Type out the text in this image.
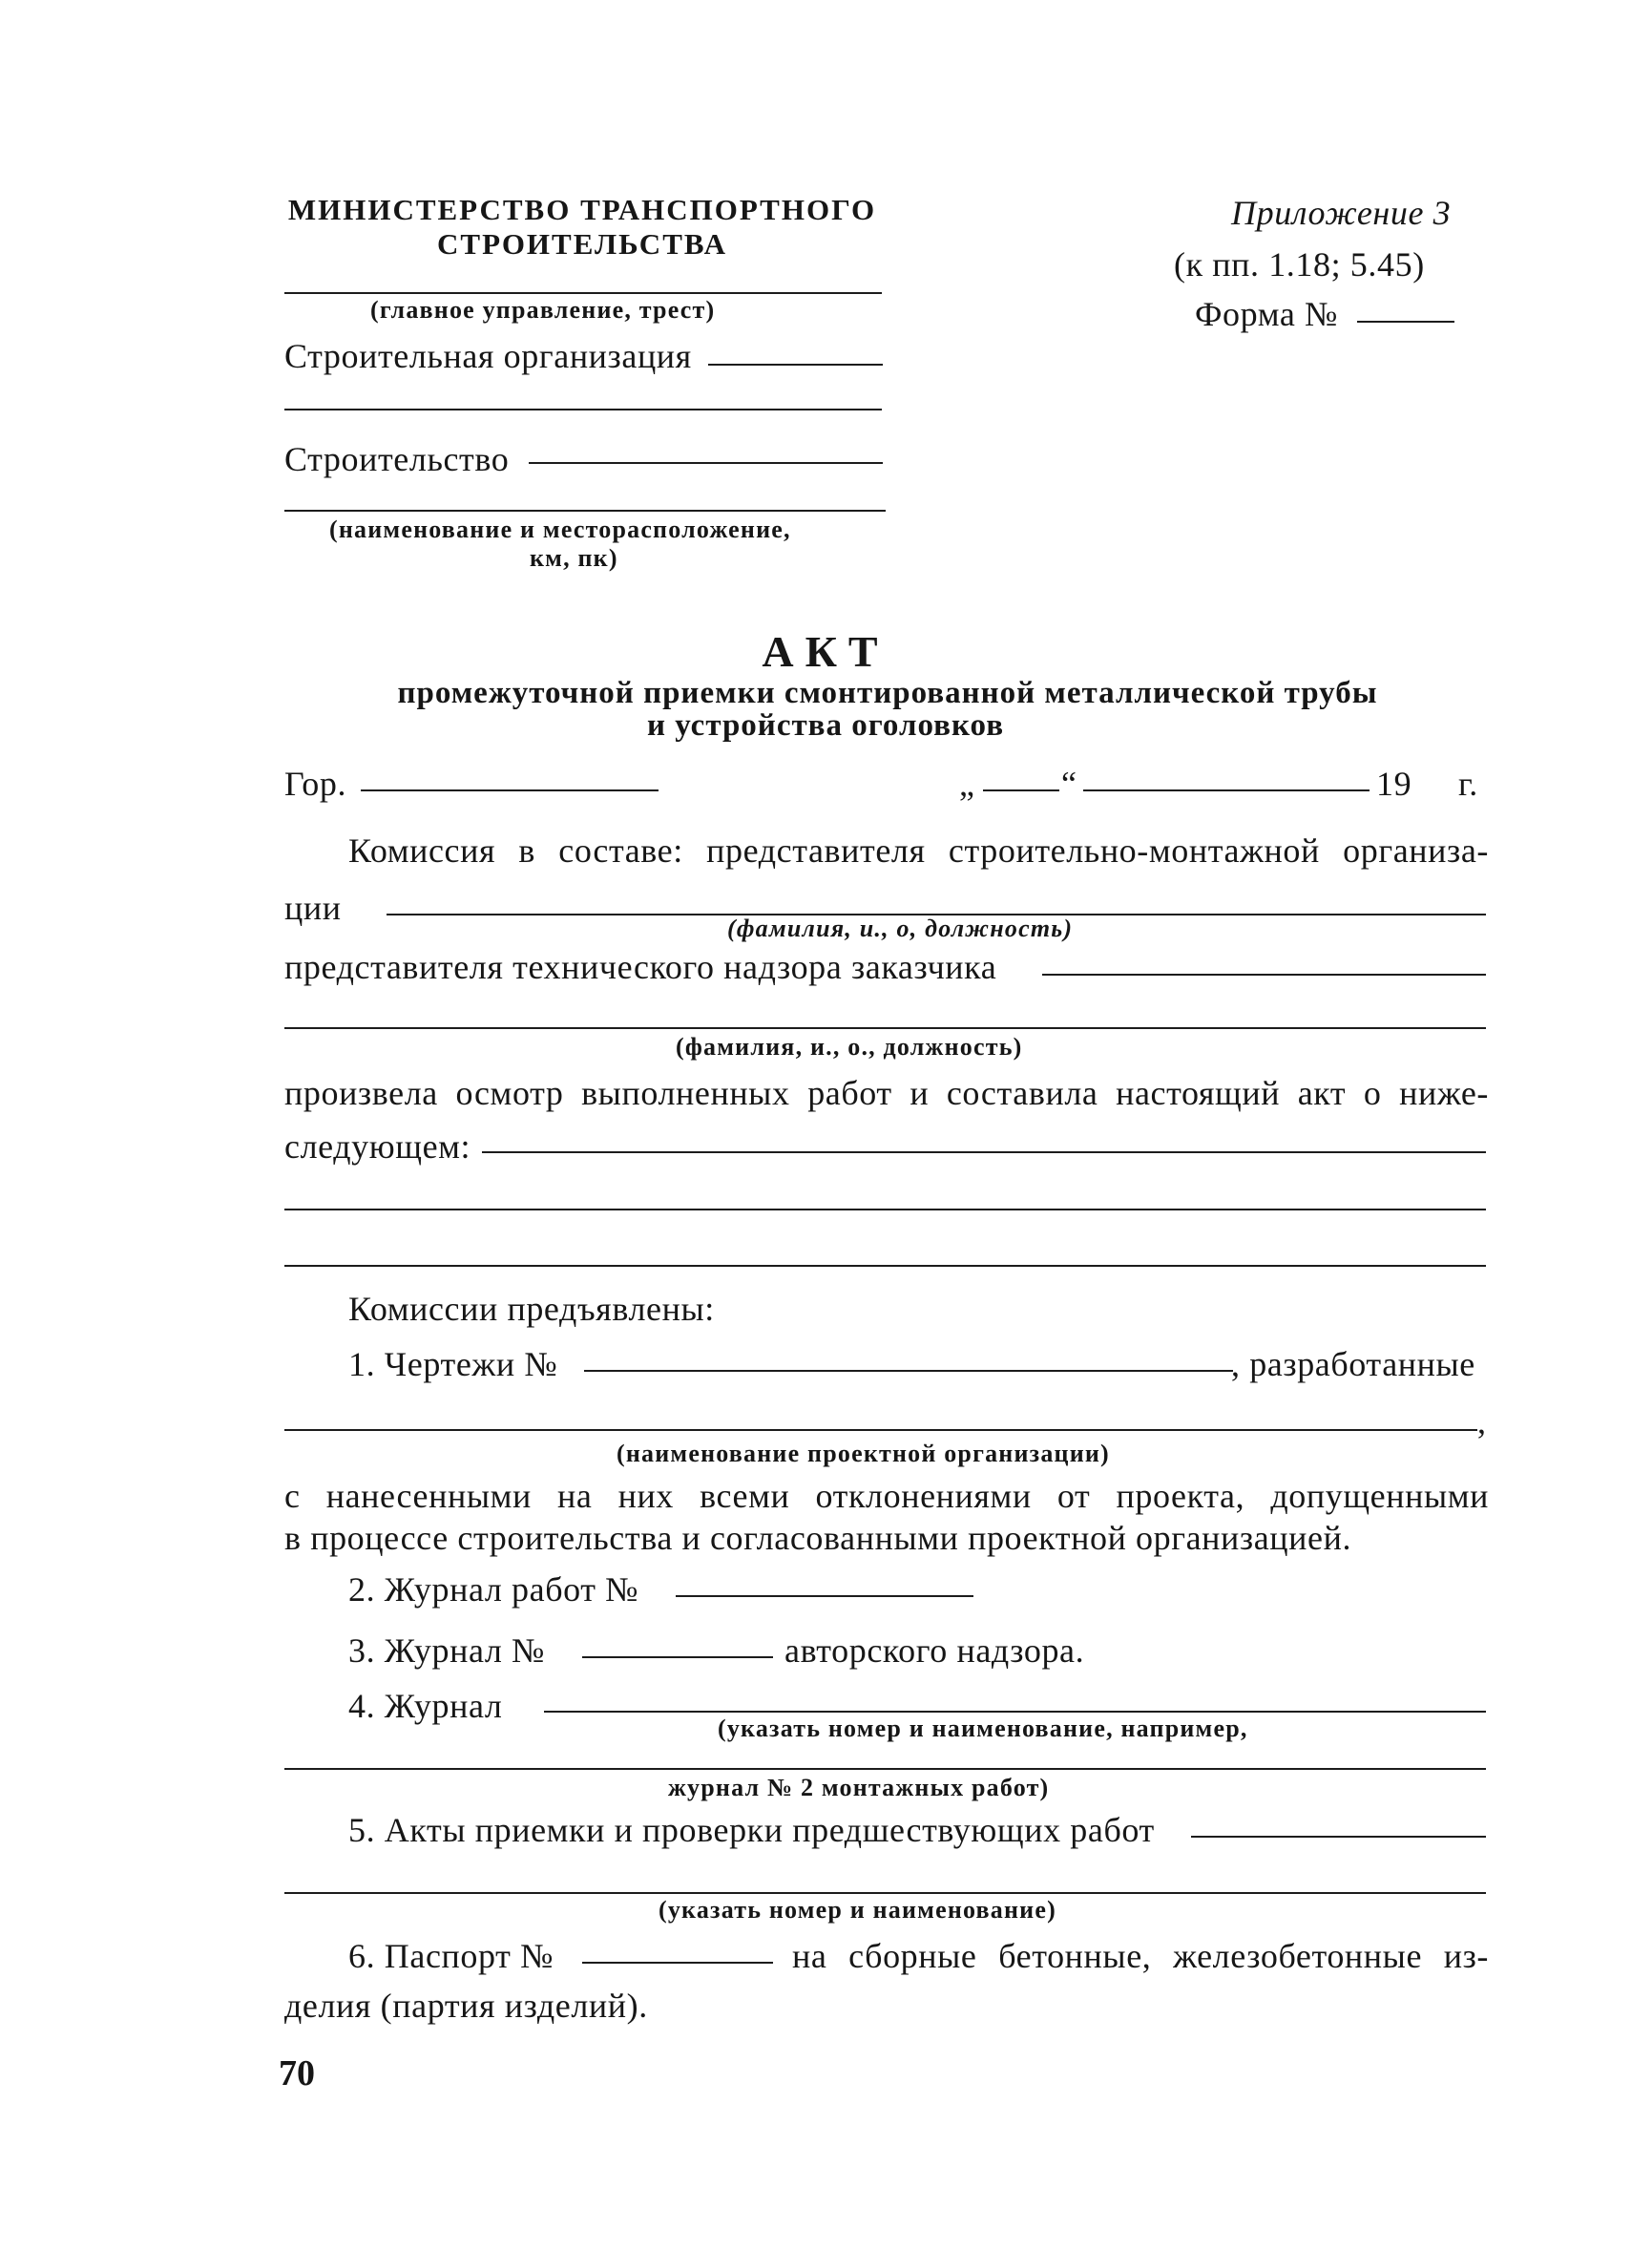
МИНИСТЕРСТВО ТРАНСПОРТНОГО
СТРОИТЕЛЬСТВА
(главное управление, трест)
Строительная организация
Строительство
(наименование и месторасположение,
км, пк)
Приложение 3
(к пп. 1.18; 5.45)
Форма №
АКТ
промежуточной приемки смонтированной металлической трубы
и устройства оголовков
Гор.	„	“	19 г.
Комиссия в составе: представителя строительно-монтажной организа-
ции
(фамилия, и., о, должность)
представителя технического надзора заказчика
(фамилия, и., о., должность)
произвела осмотр выполненных работ и составила настоящий акт о ниже-
следующем:
Комиссии предъявлены:
1. Чертежи №	, разработанные
,
(наименование проектной организации)
с нанесенными на них всеми отклонениями от проекта, допущенными
в процессе строительства и согласованными проектной организацией.
2. Журнал работ №
3. Журнал №	авторского надзора.
4. Журнал
(указать номер и наименование, например,
журнал № 2 монтажных работ)
5. Акты приемки и проверки предшествующих работ
(указать номер и наименование)
6. Паспорт №	на сборные бетонные, железобетонные из-
делия (партия изделий).
70
